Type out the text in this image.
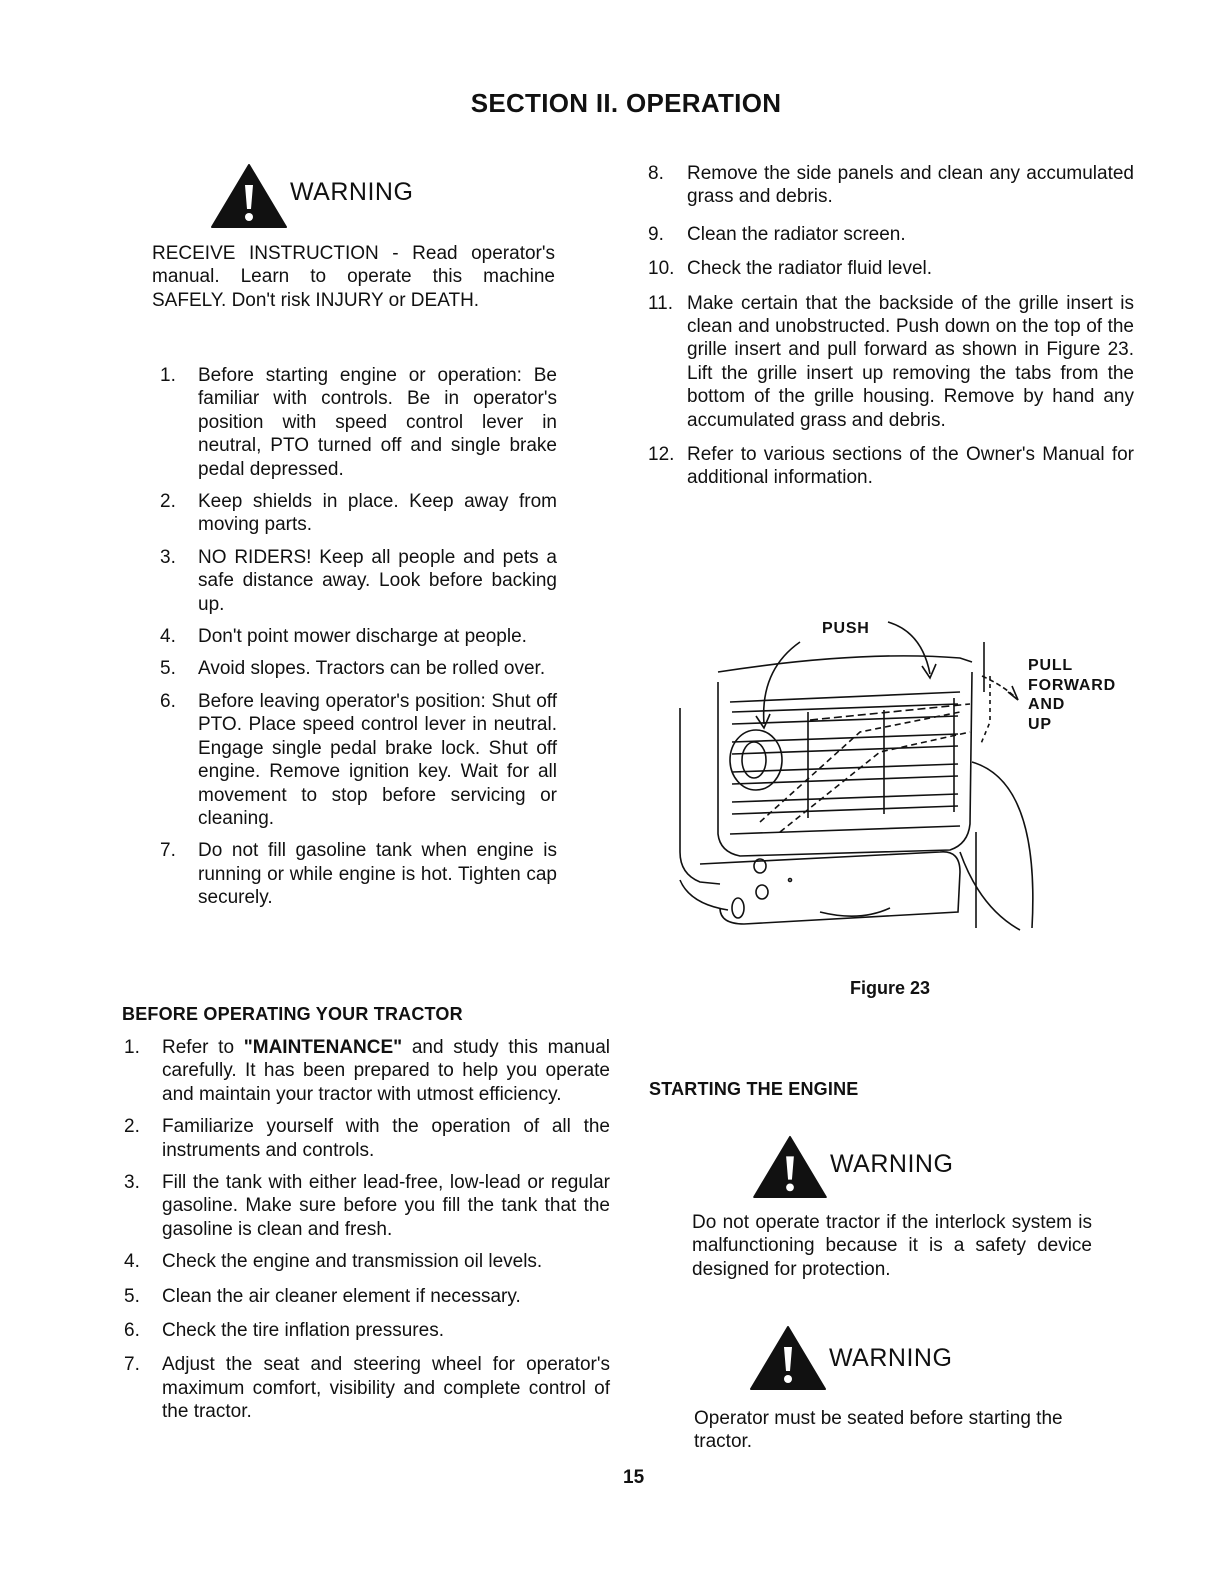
SECTION II. OPERATION
WARNING
RECEIVE INSTRUCTION - Read operator's manual. Learn to operate this machine SAFELY. Don't risk INJURY or DEATH.
1. Before starting engine or operation: Be familiar with controls. Be in operator's position with speed control lever in neutral, PTO turned off and single brake pedal depressed.
2. Keep shields in place. Keep away from moving parts.
3. NO RIDERS! Keep all people and pets a safe distance away. Look before backing up.
4. Don't point mower discharge at people.
5. Avoid slopes. Tractors can be rolled over.
6. Before leaving operator's position: Shut off PTO. Place speed control lever in neutral. Engage single pedal brake lock. Shut off engine. Remove ignition key. Wait for all movement to stop before servicing or cleaning.
7. Do not fill gasoline tank when engine is running or while engine is hot. Tighten cap securely.
BEFORE OPERATING YOUR TRACTOR
1. Refer to "MAINTENANCE" and study this manual carefully. It has been prepared to help you operate and maintain your tractor with utmost efficiency.
2. Familiarize yourself with the operation of all the instruments and controls.
3. Fill the tank with either lead-free, low-lead or regular gasoline. Make sure before you fill the tank that the gasoline is clean and fresh.
4. Check the engine and transmission oil levels.
5. Clean the air cleaner element if necessary.
6. Check the tire inflation pressures.
7. Adjust the seat and steering wheel for operator's maximum comfort, visibility and complete control of the tractor.
8. Remove the side panels and clean any accumulated grass and debris.
9. Clean the radiator screen.
10. Check the radiator fluid level.
11. Make certain that the backside of the grille insert is clean and unobstructed. Push down on the top of the grille insert and pull forward as shown in Figure 23. Lift the grille insert up removing the tabs from the bottom of the grille housing. Remove by hand any accumulated grass and debris.
12. Refer to various sections of the Owner's Manual for additional information.
PUSH
PULL
FORWARD
AND
UP
Figure 23
STARTING THE ENGINE
WARNING
Do not operate tractor if the interlock system is malfunctioning because it is a safety device designed for protection.
WARNING
Operator must be seated before starting the tractor.
15
